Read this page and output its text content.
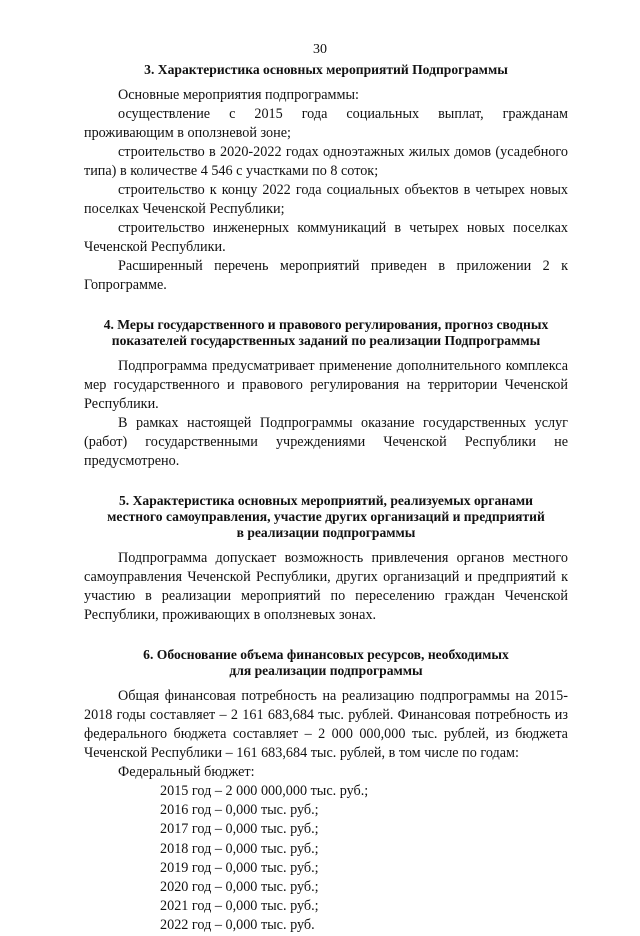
30
3. Характеристика основных мероприятий Подпрограммы

Основные мероприятия подпрограммы:

осуществление с 2015 года социальных выплат, гражданам проживающим в оползневой зоне;

строительство в 2020-2022 годах одноэтажных жилых домов (усадебного типа) в количестве 4 546 с участками по 8 соток;

строительство к концу 2022 года социальных объектов в четырех новых поселках Чеченской Республики;

строительство инженерных коммуникаций в четырех новых поселках Чеченской Республики.

Расширенный перечень мероприятий приведен в приложении 2 к Гопрограмме.

4. Меры государственного и правового регулирования, прогноз сводных
показателей государственных заданий по реализации Подпрограммы

Подпрограмма предусматривает применение дополнительного комплекса мер государственного и правового регулирования на территории Чеченской Республики.

В рамках настоящей Подпрограммы оказание государственных услуг (работ) государственными учреждениями Чеченской Республики не предусмотрено.

5. Характеристика основных мероприятий, реализуемых органами
местного самоуправления, участие других организаций и предприятий
в реализации подпрограммы

Подпрограмма допускает возможность привлечения органов местного самоуправления Чеченской Республики, других организаций и предприятий к участию в реализации мероприятий по переселению граждан Чеченской Республики, проживающих в оползневых зонах.

6. Обоснование объема финансовых ресурсов, необходимых
для реализации подпрограммы

Общая финансовая потребность на реализацию подпрограммы на 2015-2018 годы составляет – 2 161 683,684 тыс. рублей. Финансовая потребность из федерального бюджета составляет – 2 000 000,000 тыс. рублей, из бюджета Чеченской Республики – 161 683,684 тыс. рублей, в том числе по годам:

Федеральный бюджет:

2015 год – 2 000 000,000 тыс. руб.;
2016 год – 0,000 тыс. руб.;
2017 год – 0,000 тыс. руб.;
2018 год – 0,000 тыс. руб.;
2019 год – 0,000 тыс. руб.;
2020 год – 0,000 тыс. руб.;
2021 год – 0,000 тыс. руб.;
2022 год – 0,000 тыс. руб.
